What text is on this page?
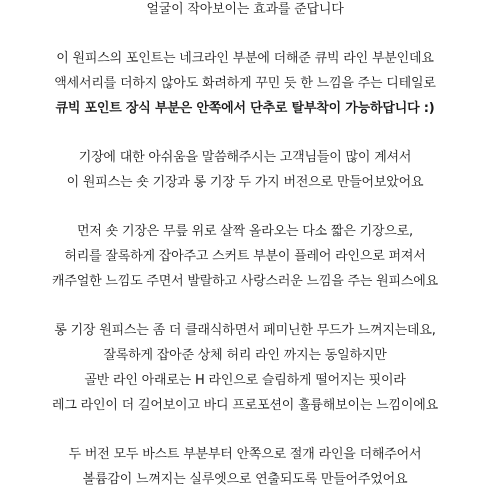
얼굴이 작아보이는 효과를 준답니다
이 원피스의 포인트는 네크라인 부분에 더해준 큐빅 라인 부분인데요
액세서리를 더하지 않아도 화려하게 꾸민 듯 한 느낌을 주는 디테일로
큐빅 포인트 장식 부분은 안쪽에서 단추로 탈부착이 가능하답니다 :)
기장에 대한 아쉬움을 말씀해주시는 고객님들이 많이 계셔서
이 원피스는 숏 기장과 롱 기장 두 가지 버전으로 만들어보았어요
먼저 숏 기장은 무릎 위로 살짝 올라오는 다소 짧은 기장으로,
허리를 잘록하게 잡아주고 스커트 부분이 플레어 라인으로 퍼져서
캐주얼한 느낌도 주면서 발랄하고 사랑스러운 느낌을 주는 원피스에요
롱 기장 원피스는 좀 더 클래식하면서 페미닌한 무드가 느껴지는데요,
잘록하게 잡아준 상체 허리 라인 까지는 동일하지만
골반 라인 아래로는 H 라인으로 슬림하게 떨어지는 핏이라
레그 라인이 더 길어보이고 바디 프로포션이 훌륭해보이는 느낌이에요
두 버전 모두 바스트 부분부터 안쪽으로 절개 라인을 더해주어서
볼륨감이 느껴지는 실루엣으로 연출되도록 만들어주었어요
